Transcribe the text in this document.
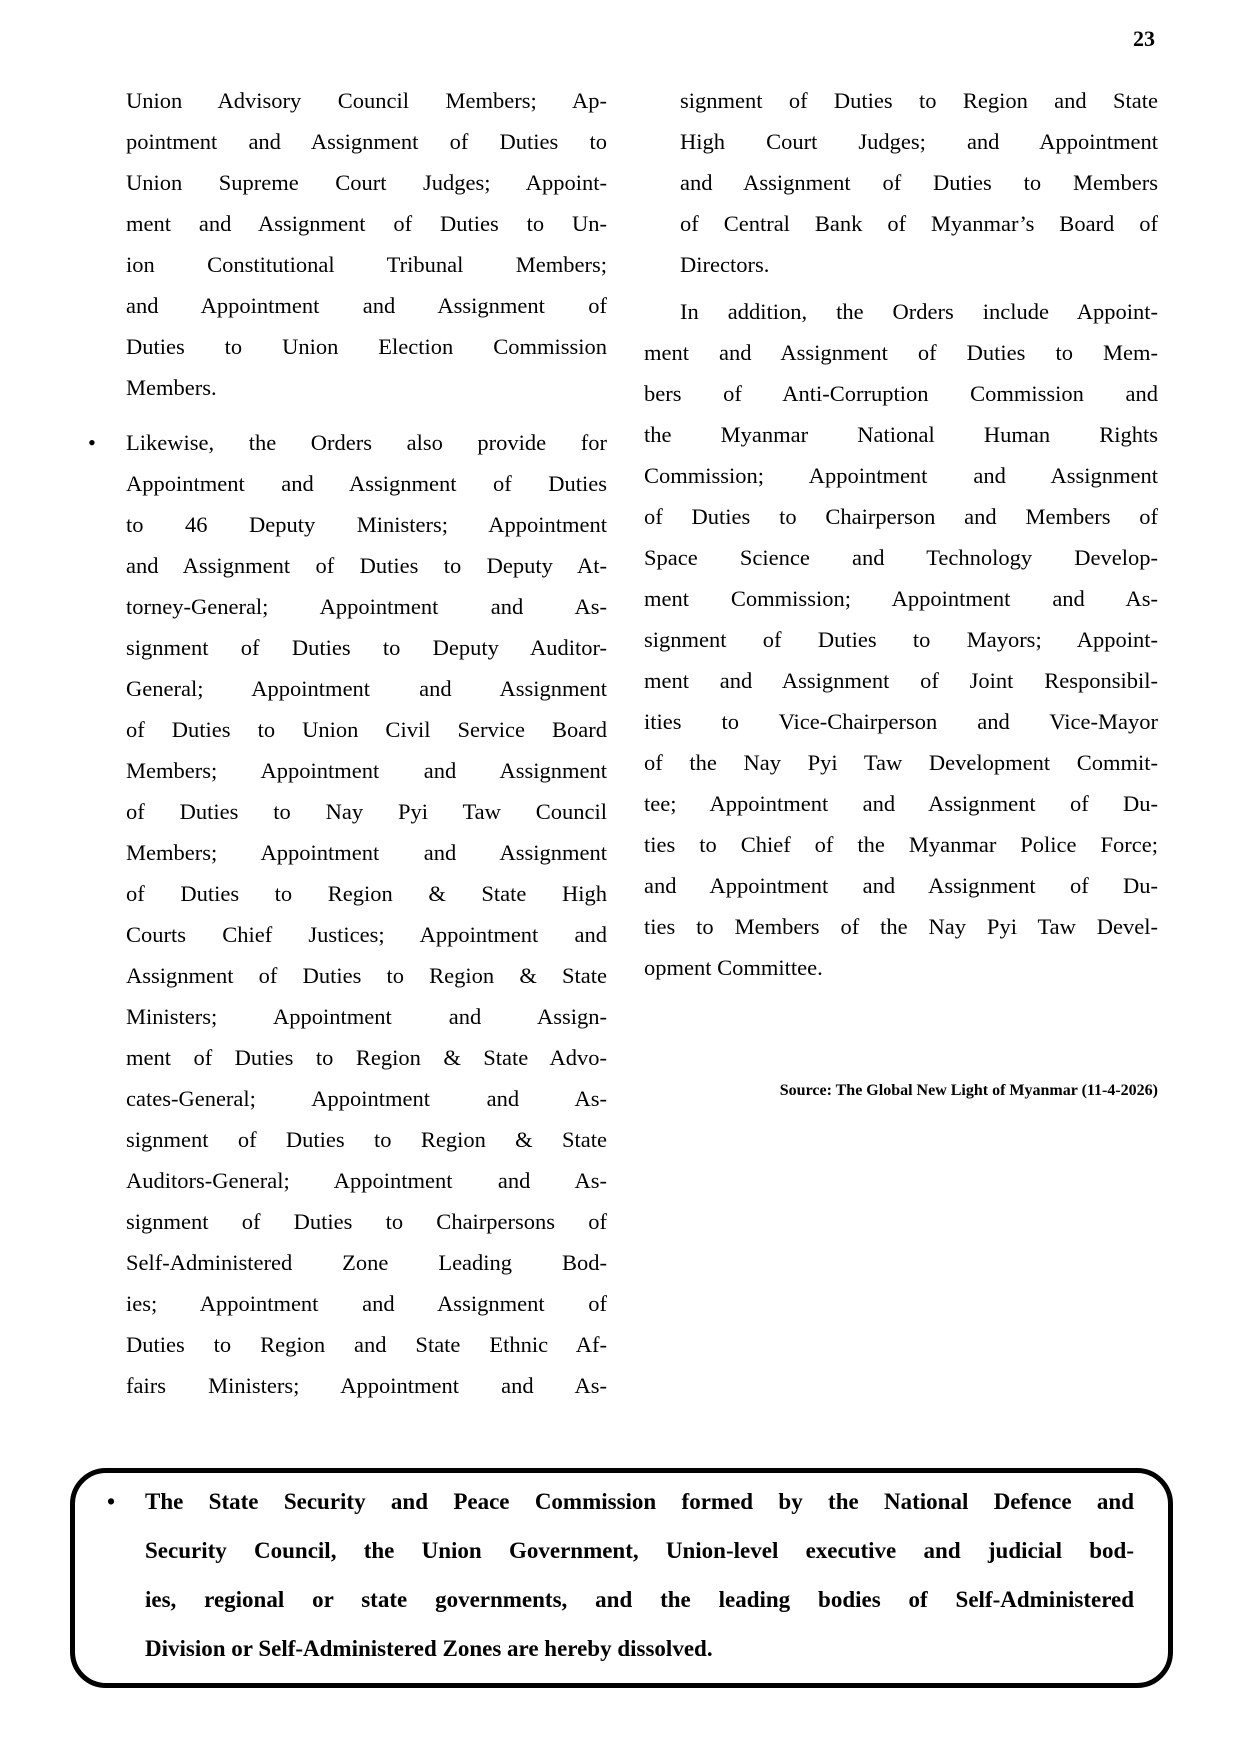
23
Union Advisory Council Members; Ap-
pointment and Assignment of Duties to
Union Supreme Court Judges; Appoint-
ment and Assignment of Duties to Un-
ion Constitutional Tribunal Members;
and Appointment and Assignment of
Duties to Union Election Commission
Members.
• Likewise, the Orders also provide for
Appointment and Assignment of Duties
to 46 Deputy Ministers; Appointment
and Assignment of Duties to Deputy At-
torney-General; Appointment and As-
signment of Duties to Deputy Auditor-
General; Appointment and Assignment
of Duties to Union Civil Service Board
Members; Appointment and Assignment
of Duties to Nay Pyi Taw Council
Members; Appointment and Assignment
of Duties to Region & State High
Courts Chief Justices; Appointment and
Assignment of Duties to Region & State
Ministers; Appointment and Assign-
ment of Duties to Region & State Advo-
cates-General; Appointment and As-
signment of Duties to Region & State
Auditors-General; Appointment and As-
signment of Duties to Chairpersons of
Self-Administered Zone Leading Bod-
ies; Appointment and Assignment of
Duties to Region and State Ethnic Af-
fairs Ministers; Appointment and As-
signment of Duties to Region and State
High Court Judges; and Appointment
and Assignment of Duties to Members
of Central Bank of Myanmar’s Board of
Directors.
In addition, the Orders include Appoint-
ment and Assignment of Duties to Mem-
bers of Anti-Corruption Commission and
the Myanmar National Human Rights
Commission; Appointment and Assignment
of Duties to Chairperson and Members of
Space Science and Technology Develop-
ment Commission; Appointment and As-
signment of Duties to Mayors; Appoint-
ment and Assignment of Joint Responsibil-
ities to Vice-Chairperson and Vice-Mayor
of the Nay Pyi Taw Development Commit-
tee; Appointment and Assignment of Du-
ties to Chief of the Myanmar Police Force;
and Appointment and Assignment of Du-
ties to Members of the Nay Pyi Taw Devel-
opment Committee.
Source: The Global New Light of Myanmar (11-4-2026)
• The State Security and Peace Commission formed by the National Defence and
Security Council, the Union Government, Union-level executive and judicial bod-
ies, regional or state governments, and the leading bodies of Self-Administered
Division or Self-Administered Zones are hereby dissolved.
